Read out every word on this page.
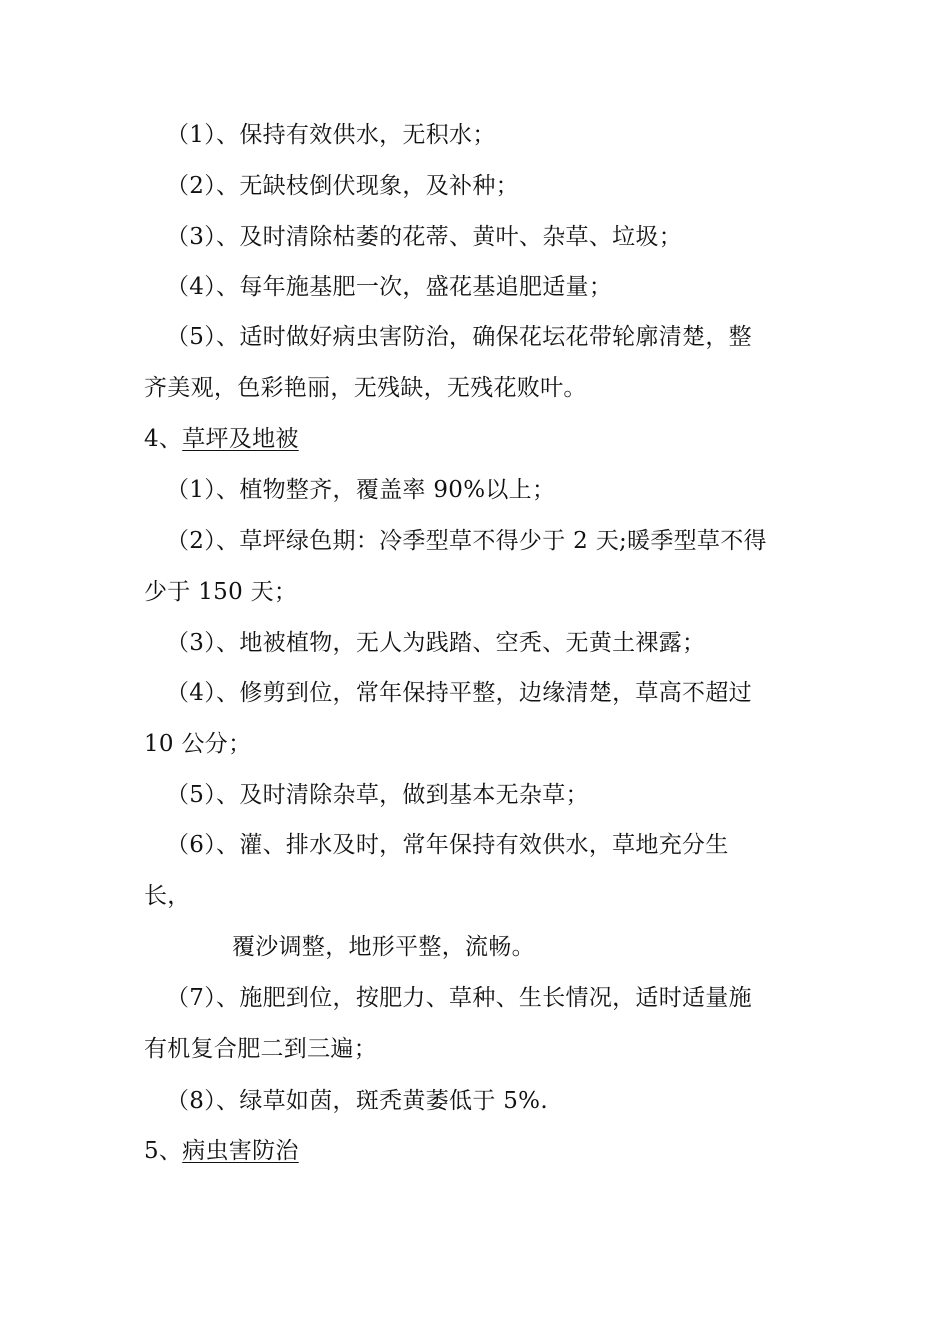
（1）、保持有效供水，无积水；
（2）、无缺枝倒伏现象，及补种；
（3）、及时清除枯萎的花蒂、黄叶、杂草、垃圾；
（4）、每年施基肥一次，盛花基追肥适量；
（5）、适时做好病虫害防治，确保花坛花带轮廓清楚，整
齐美观，色彩艳丽，无残缺，无残花败叶。
4、草坪及地被
（1）、植物整齐，覆盖率 90%以上；
（2）、草坪绿色期：冷季型草不得少于 2 天;暖季型草不得
少于 150 天；
（3）、地被植物，无人为践踏、空秃、无黄土裸露；
（4）、修剪到位，常年保持平整，边缘清楚，草高不超过
10 公分；
（5）、及时清除杂草，做到基本无杂草；
（6）、灌、排水及时，常年保持有效供水，草地充分生
长，
覆沙调整，地形平整，流畅。
（7）、施肥到位，按肥力、草种、生长情况，适时适量施
有机复合肥二到三遍；
（8）、绿草如茵，斑秃黄萎低于 5%.
5、病虫害防治
